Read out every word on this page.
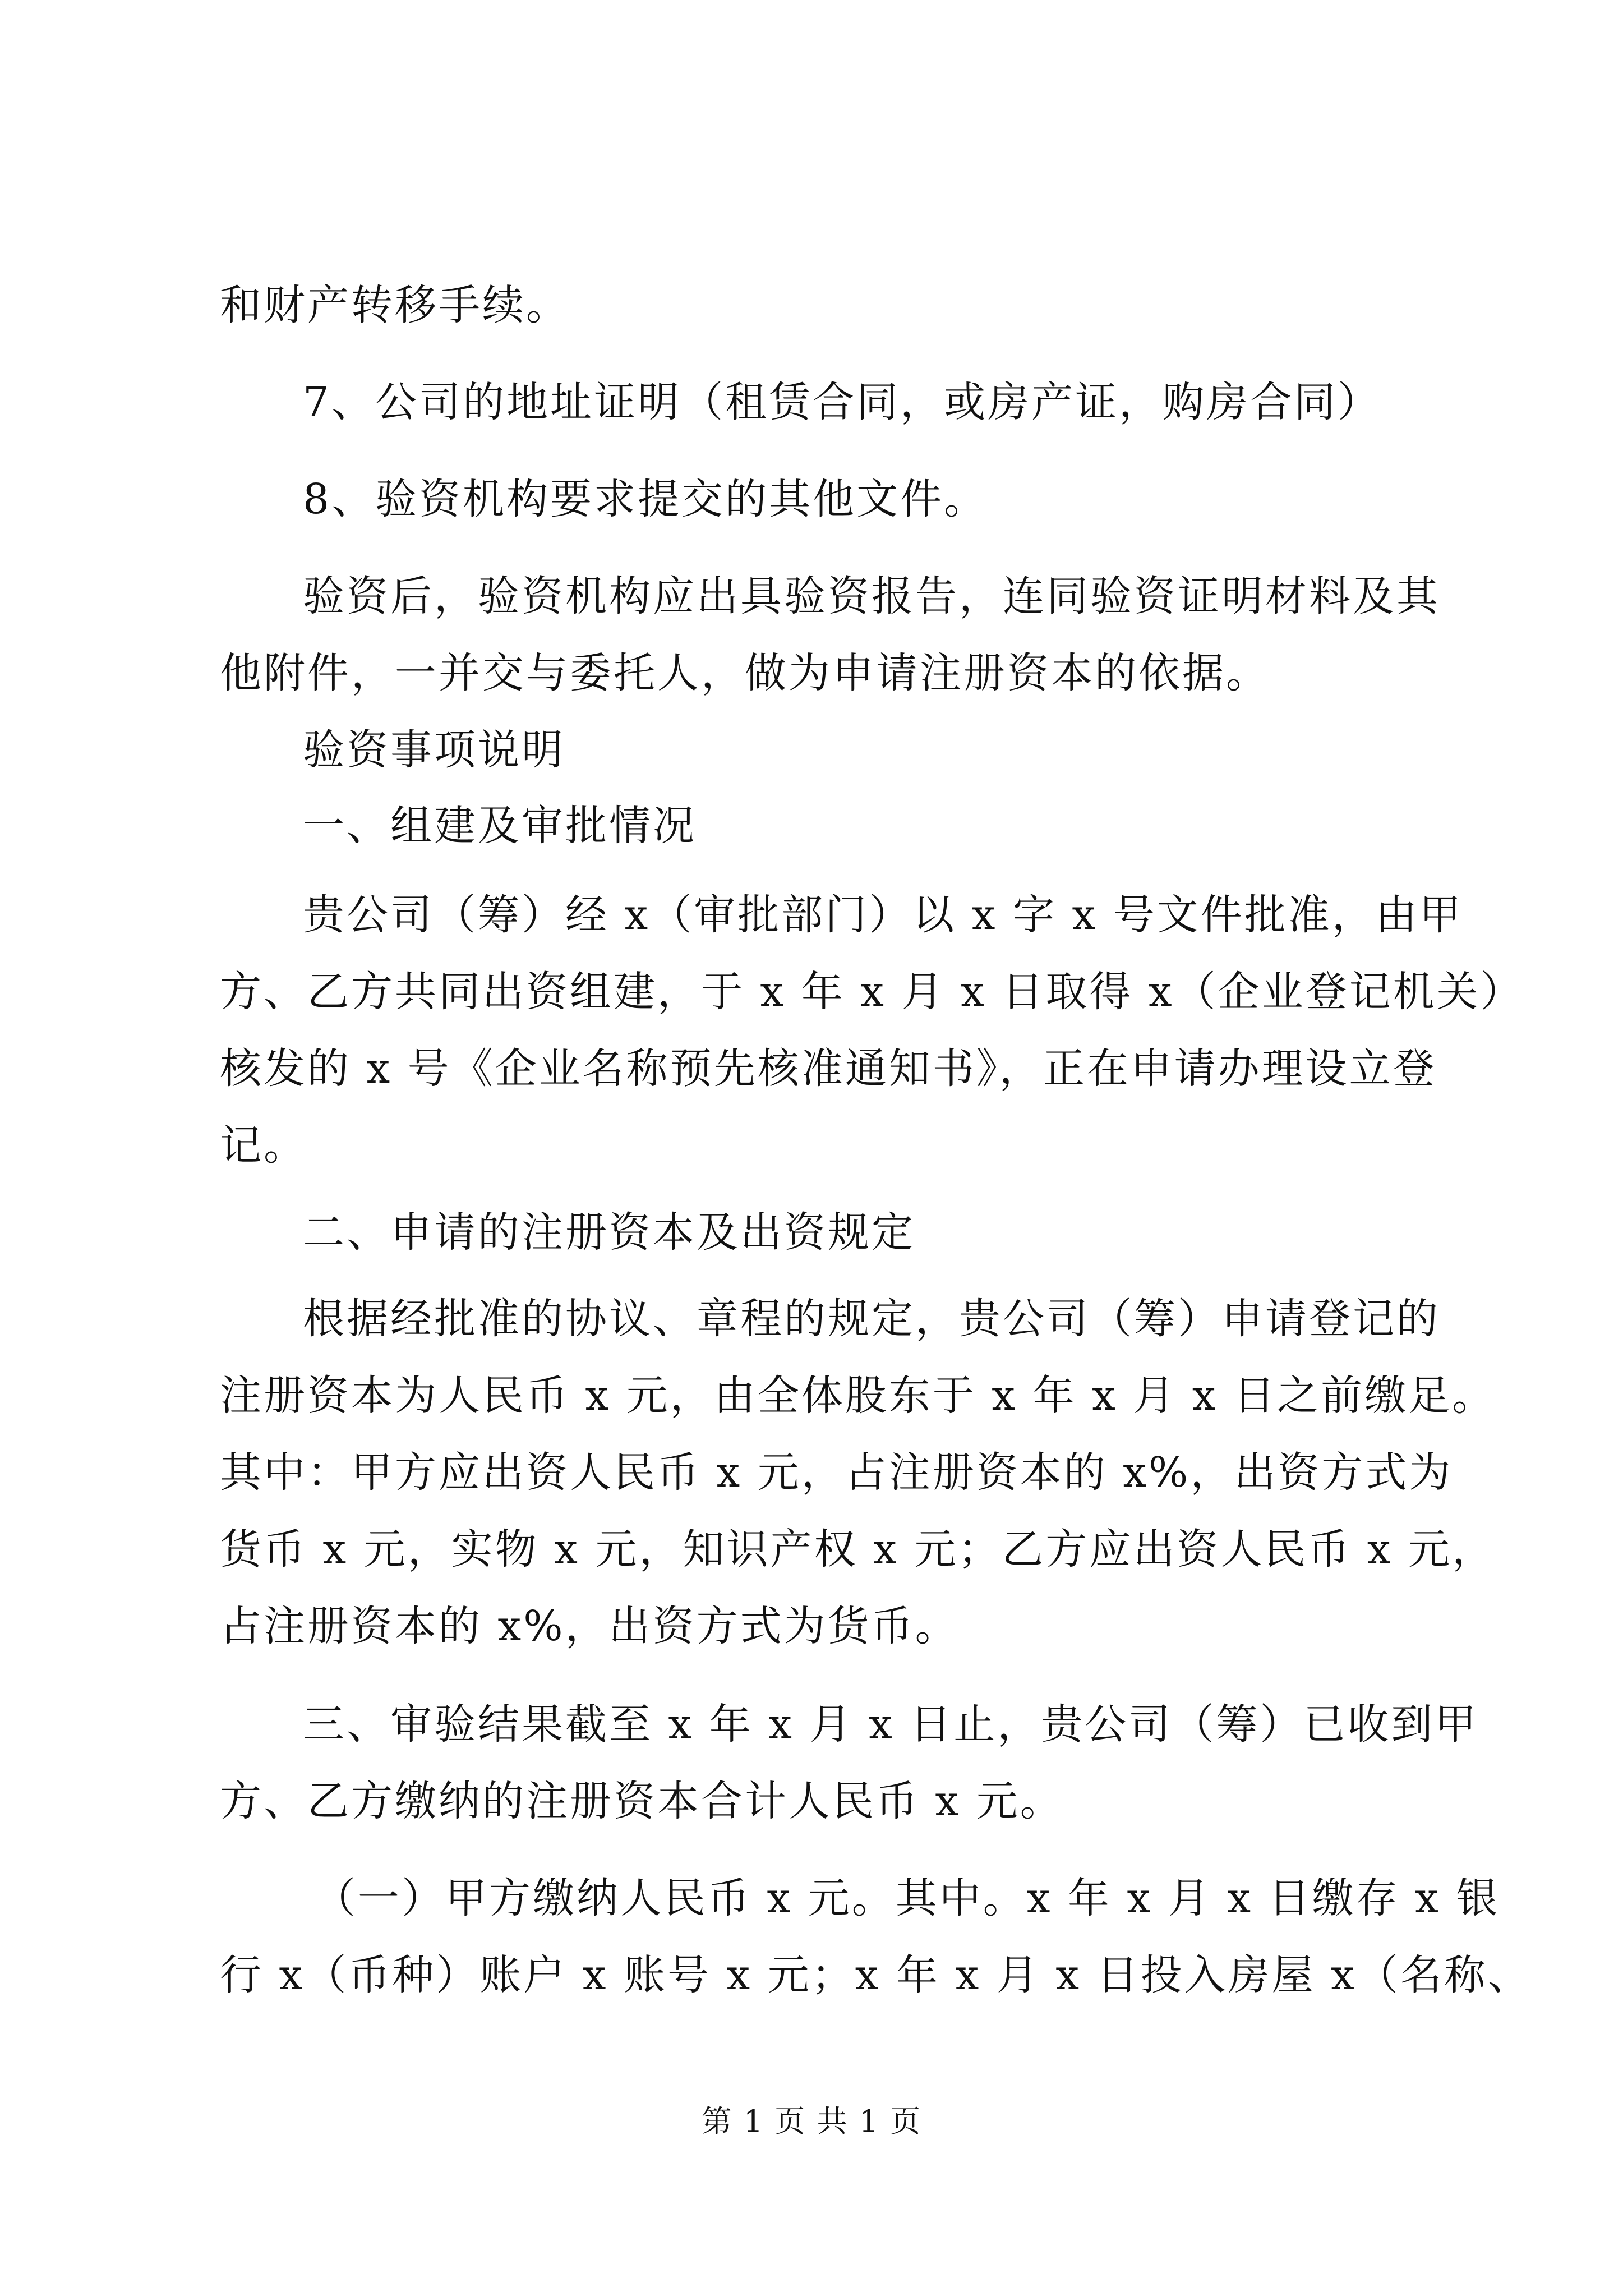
和财产转移手续。
7、公司的地址证明（租赁合同，或房产证，购房合同）
8、验资机构要求提交的其他文件。
验资后，验资机构应出具验资报告，连同验资证明材料及其
他附件，一并交与委托人，做为申请注册资本的依据。
验资事项说明
一、组建及审批情况
贵公司（筹）经 x（审批部门）以 x 字 x 号文件批准，由甲
方、乙方共同出资组建，于 x 年 x 月 x 日取得 x（企业登记机关）
核发的 x 号《企业名称预先核准通知书》，正在申请办理设立登
记。
二、申请的注册资本及出资规定
根据经批准的协议、章程的规定，贵公司（筹）申请登记的
注册资本为人民币 x 元，由全体股东于 x 年 x 月 x 日之前缴足。
其中：甲方应出资人民币 x 元，占注册资本的 x%，出资方式为
货币 x 元，实物 x 元，知识产权 x 元；乙方应出资人民币 x 元，
占注册资本的 x%，出资方式为货币。
三、审验结果截至 x 年 x 月 x 日止，贵公司（筹）已收到甲
方、乙方缴纳的注册资本合计人民币 x 元。
（一）甲方缴纳人民币 x 元。其中。x 年 x 月 x 日缴存 x 银
行 x（币种）账户 x 账号 x 元；x 年 x 月 x 日投入房屋 x（名称、
第 1 页 共 1 页
